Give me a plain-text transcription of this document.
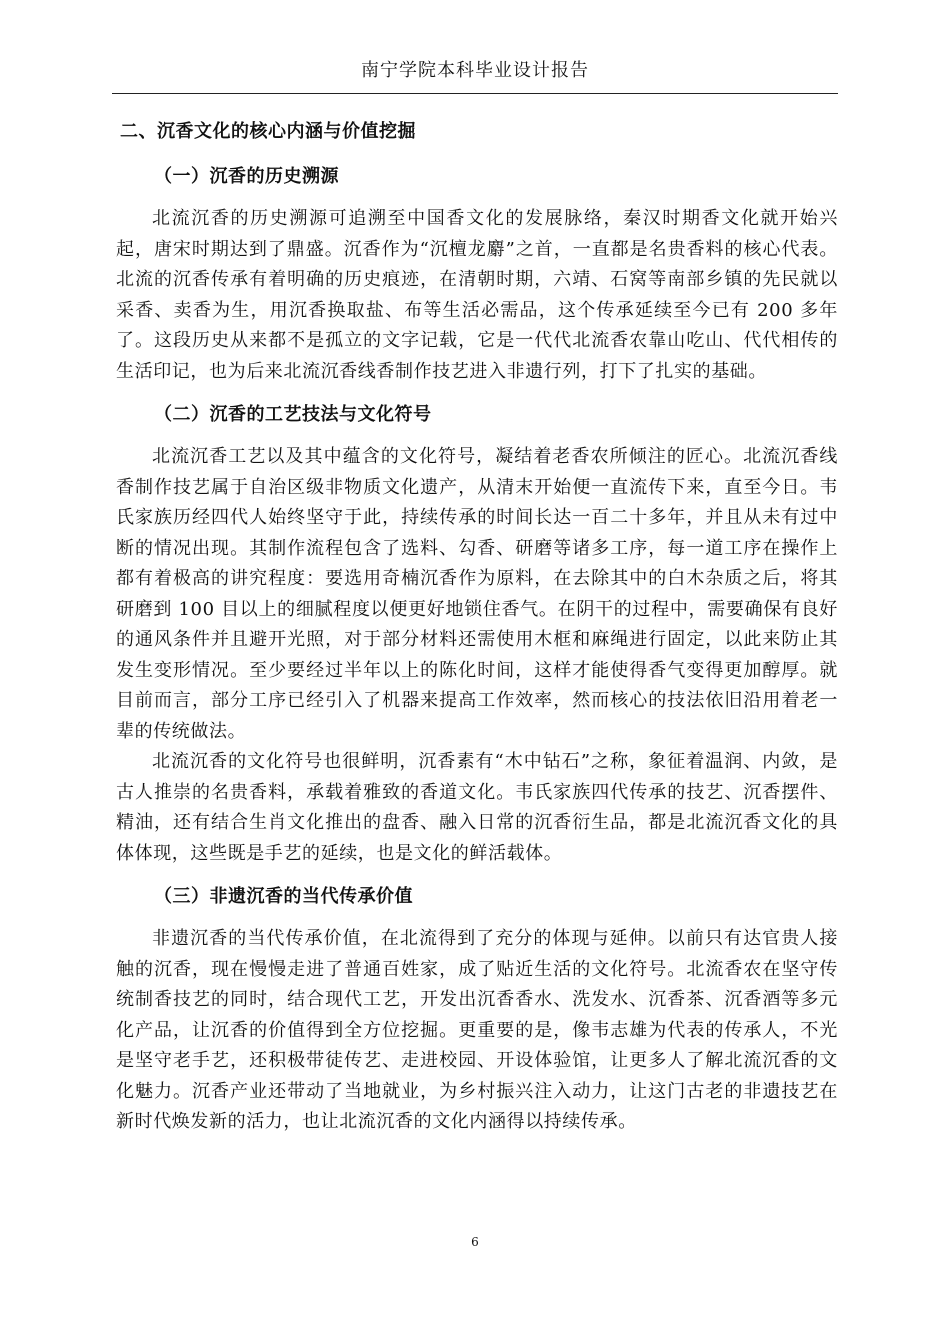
南宁学院本科毕业设计报告
二、沉香文化的核心内涵与价值挖掘
（一）沉香的历史溯源

北流沉香的历史溯源可追溯至中国香文化的发展脉络，秦汉时期香文化就开始兴起，唐宋时期达到了鼎盛。沉香作为“沉檀龙麝”之首，一直都是名贵香料的核心代表。北流的沉香传承有着明确的历史痕迹，在清朝时期，六靖、石窝等南部乡镇的先民就以采香、卖香为生，用沉香换取盐、布等生活必需品，这个传承延续至今已有 200 多年了。这段历史从来都不是孤立的文字记载，它是一代代北流香农靠山吃山、代代相传的生活印记，也为后来北流沉香线香制作技艺进入非遗行列，打下了扎实的基础。

（二）沉香的工艺技法与文化符号

北流沉香工艺以及其中蕴含的文化符号，凝结着老香农所倾注的匠心。北流沉香线香制作技艺属于自治区级非物质文化遗产，从清末开始便一直流传下来，直至今日。韦氏家族历经四代人始终坚守于此，持续传承的时间长达一百二十多年，并且从未有过中断的情况出现。其制作流程包含了选料、勾香、研磨等诸多工序，每一道工序在操作上都有着极高的讲究程度：要选用奇楠沉香作为原料，在去除其中的白木杂质之后，将其研磨到 100 目以上的细腻程度以便更好地锁住香气。在阴干的过程中，需要确保有良好的通风条件并且避开光照，对于部分材料还需使用木框和麻绳进行固定，以此来防止其发生变形情况。至少要经过半年以上的陈化时间，这样才能使得香气变得更加醇厚。就目前而言，部分工序已经引入了机器来提高工作效率，然而核心的技法依旧沿用着老一辈的传统做法。

北流沉香的文化符号也很鲜明，沉香素有“木中钻石”之称，象征着温润、内敛，是古人推崇的名贵香料，承载着雅致的香道文化。韦氏家族四代传承的技艺、沉香摆件、精油，还有结合生肖文化推出的盘香、融入日常的沉香衍生品，都是北流沉香文化的具体体现，这些既是手艺的延续，也是文化的鲜活载体。

（三）非遗沉香的当代传承价值

非遗沉香的当代传承价值，在北流得到了充分的体现与延伸。以前只有达官贵人接触的沉香，现在慢慢走进了普通百姓家，成了贴近生活的文化符号。北流香农在坚守传统制香技艺的同时，结合现代工艺，开发出沉香香水、洗发水、沉香茶、沉香酒等多元化产品，让沉香的价值得到全方位挖掘。更重要的是，像韦志雄为代表的传承人，不光是坚守老手艺，还积极带徒传艺、走进校园、开设体验馆，让更多人了解北流沉香的文化魅力。沉香产业还带动了当地就业，为乡村振兴注入动力，让这门古老的非遗技艺在新时代焕发新的活力，也让北流沉香的文化内涵得以持续传承。

6
